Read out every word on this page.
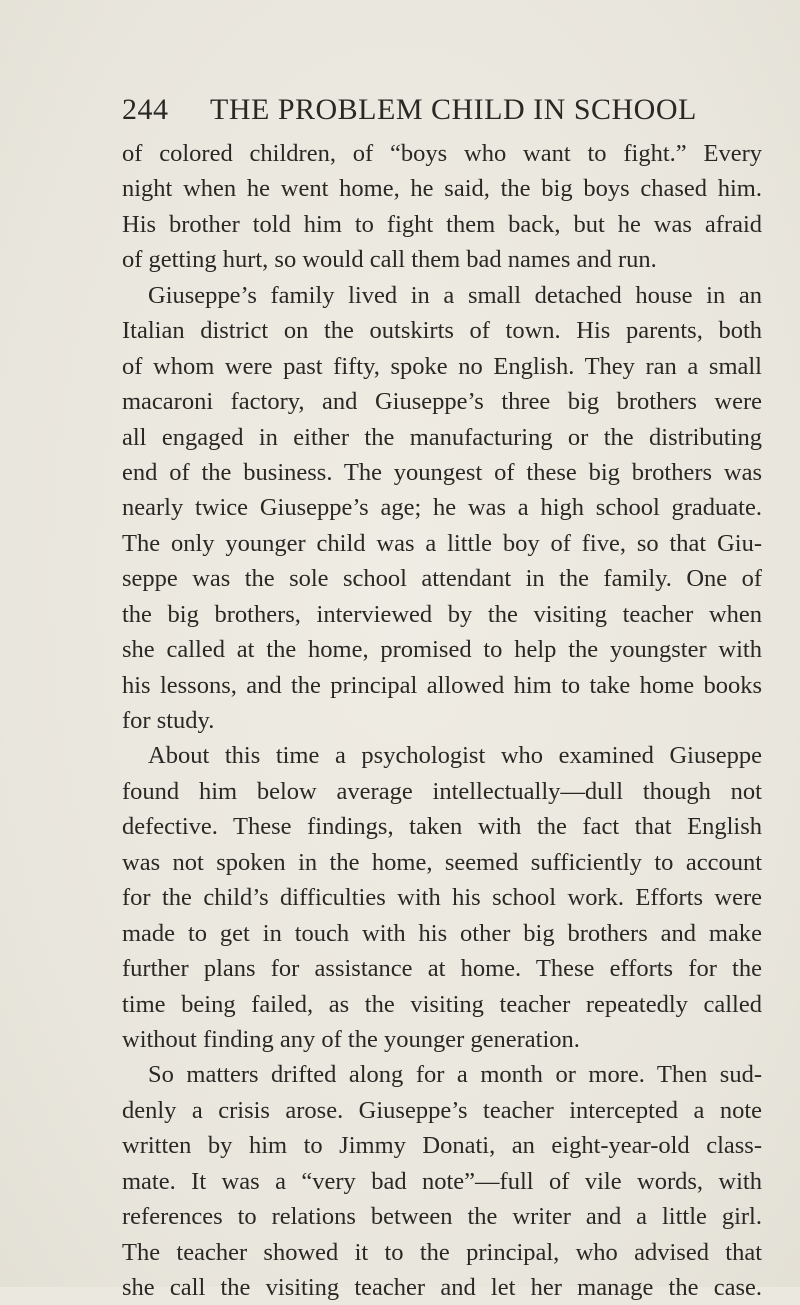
244 THE PROBLEM CHILD IN SCHOOL
of colored children, of “boys who want to fight.” Every
night when he went home, he said, the big boys chased him.
His brother told him to fight them back, but he was afraid
of getting hurt, so would call them bad names and run.
Giuseppe’s family lived in a small detached house in an
Italian district on the outskirts of town. His parents, both
of whom were past fifty, spoke no English. They ran a small
macaroni factory, and Giuseppe’s three big brothers were
all engaged in either the manufacturing or the distributing
end of the business. The youngest of these big brothers was
nearly twice Giuseppe’s age; he was a high school graduate.
The only younger child was a little boy of five, so that Giu-
seppe was the sole school attendant in the family. One of
the big brothers, interviewed by the visiting teacher when
she called at the home, promised to help the youngster with
his lessons, and the principal allowed him to take home books
for study.
About this time a psychologist who examined Giuseppe
found him below average intellectually—dull though not
defective. These findings, taken with the fact that English
was not spoken in the home, seemed sufficiently to account
for the child’s difficulties with his school work. Efforts were
made to get in touch with his other big brothers and make
further plans for assistance at home. These efforts for the
time being failed, as the visiting teacher repeatedly called
without finding any of the younger generation.
So matters drifted along for a month or more. Then sud-
denly a crisis arose. Giuseppe’s teacher intercepted a note
written by him to Jimmy Donati, an eight-year-old class-
mate. It was a “very bad note”—full of vile words, with
references to relations between the writer and a little girl.
The teacher showed it to the principal, who advised that
she call the visiting teacher and let her manage the case.
